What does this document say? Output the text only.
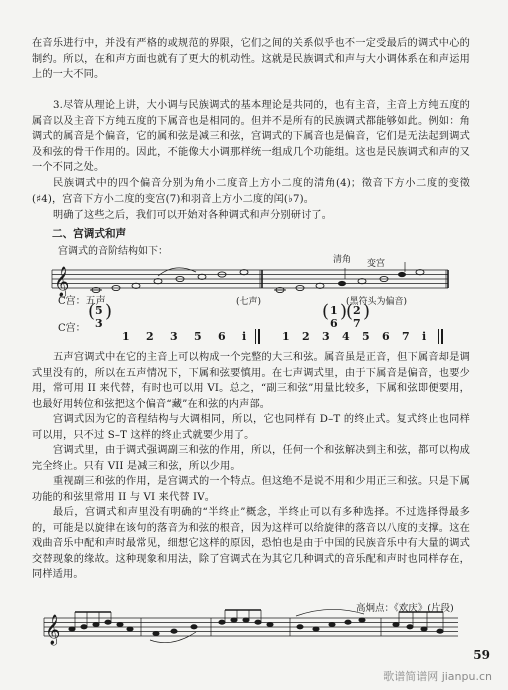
在音乐进行中，并没有严格的或规范的界限，它们之间的关系似乎也不一定受最后的调式中心的制约。所以，在和声方面也就有了更大的机动性。这就是民族调式和声与大小调体系在和声运用上的一大不同。

3.尽管从理论上讲，大小调与民族调式的基本理论是共同的，也有主音，主音上方纯五度的属音以及主音下方纯五度的下属音也是相同的。但并不是所有的民族调式都能够如此。例如：角调式的属音是个偏音，它的属和弦是减三和弦，宫调式的下属音也是偏音，它们是无法起到调式及和弦的骨干作用的。因此，不能像大小调那样统一组成几个功能组。这也是民族调式和声的又一个不同之处。

民族调式中的四个偏音分别为角小二度音上方小二度的清角(4)；徵音下方小二度的变徵(♯4)，宫音下方小二度的变宫(7)和羽音上方小二度的闰(♭7)。

明确了这些之后，我们可以开始对各种调式和声分别研讨了。

二、宫调式和声
宫调式的音阶结构如下：
𝄞
清角 变宫
C宫：五声	(七声)	(黑符头为偏音)
C宫：
( 5
3
)	( 1
6
)
( 2
7
)
1 2 3 5 6 i	1 2 3 4 5 6 7 i

五声宫调式中在它的主音上可以构成一个完整的大三和弦。属音虽是正音，但下属音却是调式里没有的，所以在五声情况下，下属和弦要慎用。在七声调式里，由于下属音是偏音，也要少用，常可用 II 来代替，有时也可以用 VI。总之，“副三和弦”用量比较多，下属和弦即便要用，也最好用转位和弦把这个偏音“藏”在和弦的内声部。

宫调式因为它的音程结构与大调相同，所以，它也同样有 D–T 的终止式。复式终止也同样可以用，只不过 S–T 这样的终止式就要少用了。

宫调式里，由于调式强调副三和弦的作用，所以，任何一个和弦解决到主和弦，都可以构成完全终止。只有 VII 是减三和弦，所以少用。

重视副三和弦的作用，是宫调式的一个特点。但这绝不是说不用和少用正三和弦。只是下属功能的和弦里常用 II 与 VI 来代替 IV。

最后，宫调式和声里没有明确的“半终止”概念，半终止可以有多种选择。不过选择得最多的，可能是以旋律在该句的落音为和弦的根音，因为这样可以给旋律的落音以八度的支撑。这在戏曲音乐中配和声时最常见，细想它这样的原因，恐怕也是由于中国的民族音乐中有大量的调式交替现象的缘故。这种现象和用法，除了宫调式在为其它几种调式的音乐配和声时也同样存在，同样适用。

高炯点：《欢庆》(片段)
𝄞
59
歌谱简谱网 jianpu.cn
